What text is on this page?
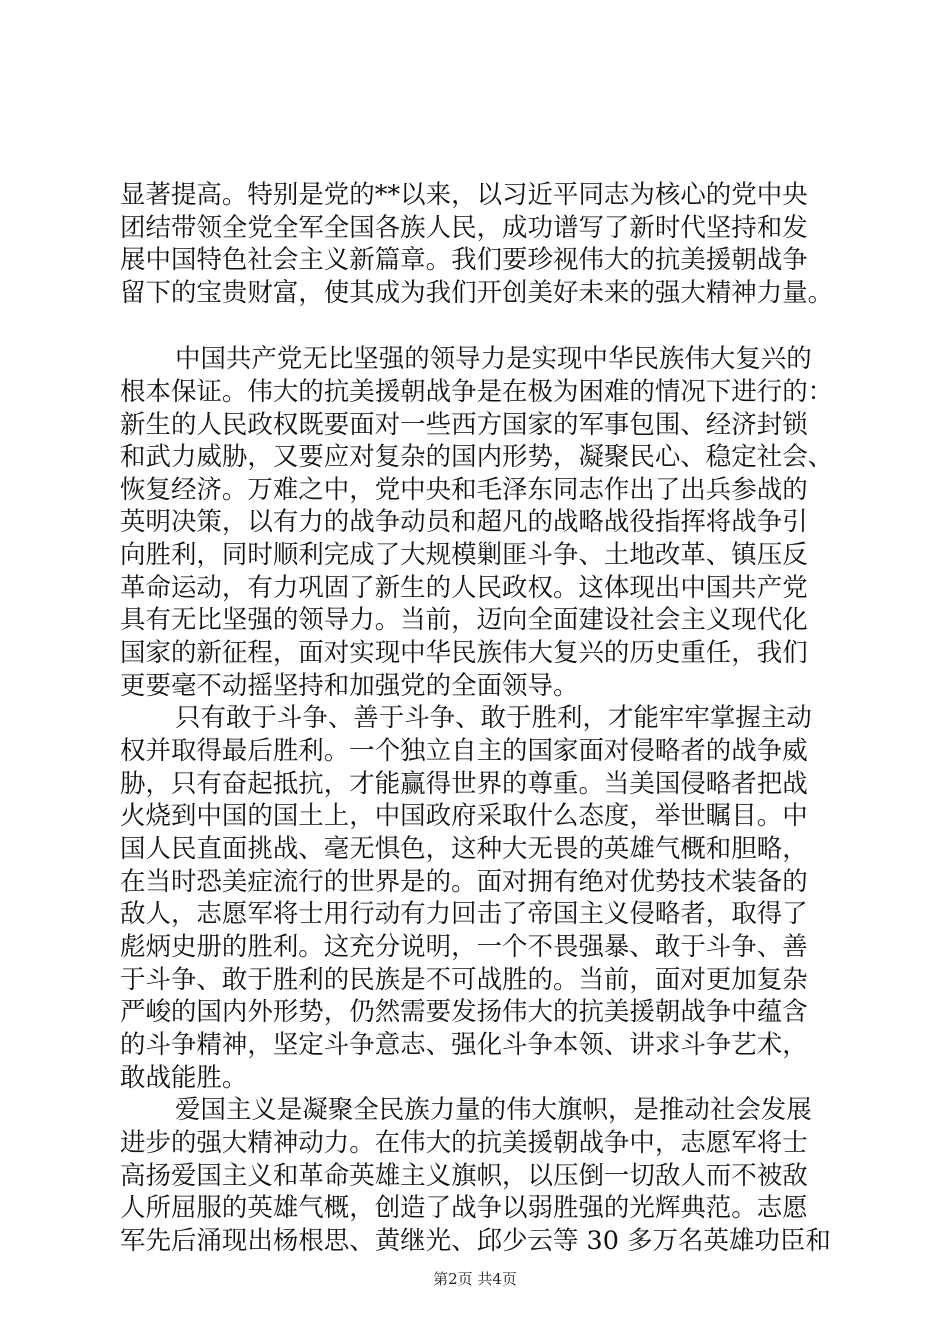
显著提高。特别是党的**以来，以习近平同志为核心的党中央

团结带领全党全军全国各族人民，成功谱写了新时代坚持和发

展中国特色社会主义新篇章。我们要珍视伟大的抗美援朝战争

留下的宝贵财富，使其成为我们开创美好未来的强大精神力量。

中国共产党无比坚强的领导力是实现中华民族伟大复兴的

根本保证。伟大的抗美援朝战争是在极为困难的情况下进行的：

新生的人民政权既要面对一些西方国家的军事包围、经济封锁

和武力威胁，又要应对复杂的国内形势，凝聚民心、稳定社会、

恢复经济。万难之中，党中央和毛泽东同志作出了出兵参战的

英明决策，以有力的战争动员和超凡的战略战役指挥将战争引

向胜利，同时顺利完成了大规模剿匪斗争、土地改革、镇压反

革命运动，有力巩固了新生的人民政权。这体现出中国共产党

具有无比坚强的领导力。当前，迈向全面建设社会主义现代化

国家的新征程，面对实现中华民族伟大复兴的历史重任，我们

更要毫不动摇坚持和加强党的全面领导。

只有敢于斗争、善于斗争、敢于胜利，才能牢牢掌握主动

权并取得最后胜利。一个独立自主的国家面对侵略者的战争威

胁，只有奋起抵抗，才能赢得世界的尊重。当美国侵略者把战

火烧到中国的国土上，中国政府采取什么态度，举世瞩目。中

国人民直面挑战、毫无惧色，这种大无畏的英雄气概和胆略，

在当时恐美症流行的世界是的。面对拥有绝对优势技术装备的

敌人，志愿军将士用行动有力回击了帝国主义侵略者，取得了

彪炳史册的胜利。这充分说明，一个不畏强暴、敢于斗争、善

于斗争、敢于胜利的民族是不可战胜的。当前，面对更加复杂

严峻的国内外形势，仍然需要发扬伟大的抗美援朝战争中蕴含

的斗争精神，坚定斗争意志、强化斗争本领、讲求斗争艺术，

敢战能胜。

爱国主义是凝聚全民族力量的伟大旗帜，是推动社会发展

进步的强大精神动力。在伟大的抗美援朝战争中，志愿军将士

高扬爱国主义和革命英雄主义旗帜，以压倒一切敌人而不被敌

人所屈服的英雄气概，创造了战争以弱胜强的光辉典范。志愿

军先后涌现出杨根思、黄继光、邱少云等 30 多万名英雄功臣和

第2页 共4页
